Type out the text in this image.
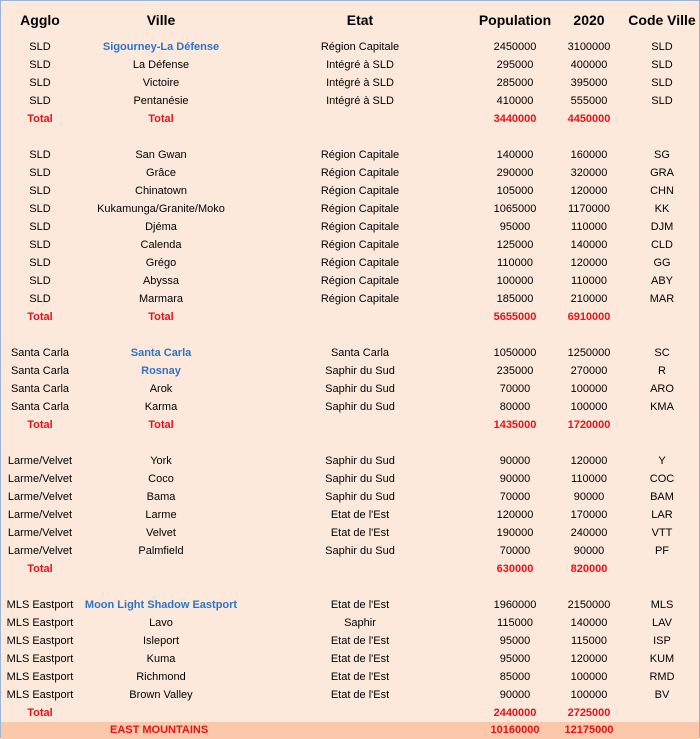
Agglo	Ville	Etat	Population	2020	Code Ville
SLD	Sigourney-La Défense	Région Capitale	2450000	3100000	SLD
SLD	La Défense	Intégré à SLD	295000	400000	SLD
SLD	Victoire	Intégré à SLD	285000	395000	SLD
SLD	Pentanésie	Intégré à SLD	410000	555000	SLD
Total	Total		3440000	4450000	

SLD	San Gwan	Région Capitale	140000	160000	SG
SLD	Grâce	Région Capitale	290000	320000	GRA
SLD	Chinatown	Région Capitale	105000	120000	CHN
SLD	Kukamunga/Granite/Moko	Région Capitale	1065000	1170000	KK
SLD	Djéma	Région Capitale	95000	110000	DJM
SLD	Calenda	Région Capitale	125000	140000	CLD
SLD	Grégo	Région Capitale	110000	120000	GG
SLD	Abyssa	Région Capitale	100000	110000	ABY
SLD	Marmara	Région Capitale	185000	210000	MAR
Total	Total		5655000	6910000	

Santa Carla	Santa Carla	Santa Carla	1050000	1250000	SC
Santa Carla	Rosnay	Saphir du Sud	235000	270000	R
Santa Carla	Arok	Saphir du Sud	70000	100000	ARO
Santa Carla	Karma	Saphir du Sud	80000	100000	KMA
Total	Total		1435000	1720000	

Larme/Velvet	York	Saphir du Sud	90000	120000	Y
Larme/Velvet	Coco	Saphir du Sud	90000	110000	COC
Larme/Velvet	Bama	Saphir du Sud	70000	90000	BAM
Larme/Velvet	Larme	Etat de l'Est	120000	170000	LAR
Larme/Velvet	Velvet	Etat de l'Est	190000	240000	VTT
Larme/Velvet	Palmfield	Saphir du Sud	70000	90000	PF
Total			630000	820000	

MLS Eastport	Moon Light Shadow Eastport	Etat de l'Est	1960000	2150000	MLS
MLS Eastport	Lavo	Saphir	115000	140000	LAV
MLS Eastport	Isleport	Etat de l'Est	95000	115000	ISP
MLS Eastport	Kuma	Etat de l'Est	95000	120000	KUM
MLS Eastport	Richmond	Etat de l'Est	85000	100000	RMD
MLS Eastport	Brown Valley	Etat de l'Est	90000	100000	BV
Total			2440000	2725000	
EAST MOUNTAINS			10160000	12175000	
